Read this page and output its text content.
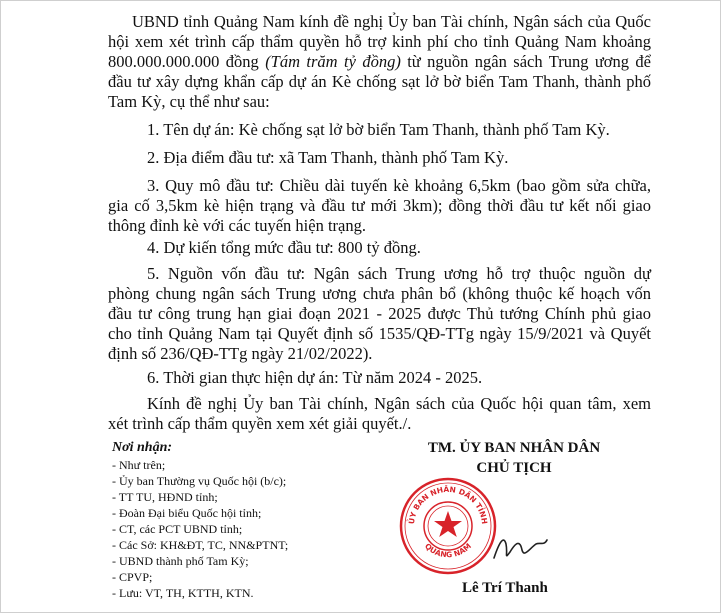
UBND tỉnh Quảng Nam kính đề nghị Ủy ban Tài chính, Ngân sách của Quốc
hội xem xét trình cấp thẩm quyền hỗ trợ kinh phí cho tỉnh Quảng Nam khoảng
800.000.000.000 đồng (Tám trăm tỷ đồng) từ nguồn ngân sách Trung ương để
đầu tư xây dựng khẩn cấp dự án Kè chống sạt lở bờ biển Tam Thanh, thành phố
Tam Kỳ, cụ thể như sau:
1. Tên dự án: Kè chống sạt lở bờ biển Tam Thanh, thành phố Tam Kỳ.
2. Địa điểm đầu tư: xã Tam Thanh, thành phố Tam Kỳ.
3. Quy mô đầu tư: Chiều dài tuyến kè khoảng 6,5km (bao gồm sửa chữa,
gia cố 3,5km kè hiện trạng và đầu tư mới 3km); đồng thời đầu tư kết nối giao
thông đỉnh kè với các tuyến hiện trạng.
4. Dự kiến tổng mức đầu tư: 800 tỷ đồng.
5. Nguồn vốn đầu tư: Ngân sách Trung ương hỗ trợ thuộc nguồn dự
phòng chung ngân sách Trung ương chưa phân bổ (không thuộc kế hoạch vốn
đầu tư công trung hạn giai đoạn 2021 - 2025 được Thủ tướng Chính phủ giao
cho tỉnh Quảng Nam tại Quyết định số 1535/QĐ-TTg ngày 15/9/2021 và Quyết
định số 236/QĐ-TTg ngày 21/02/2022).
6. Thời gian thực hiện dự án: Từ năm 2024 - 2025.
Kính đề nghị Ủy ban Tài chính, Ngân sách của Quốc hội quan tâm, xem
xét trình cấp thẩm quyền xem xét giải quyết./.
Nơi nhận:
- Như trên;
- Ủy ban Thường vụ Quốc hội (b/c);
- TT TU, HĐND tỉnh;
- Đoàn Đại biểu Quốc hội tỉnh;
- CT, các PCT UBND tỉnh;
- Các Sở: KH&ĐT, TC, NN&PTNT;
- UBND thành phố Tam Kỳ;
- CPVP;
- Lưu: VT, TH, KTTH, KTN.
TM. ỦY BAN NHÂN DÂN
CHỦ TỊCH
ỦY BAN NHÂN DÂN TỈNH
QUẢNG NAM
Lê Trí Thanh
